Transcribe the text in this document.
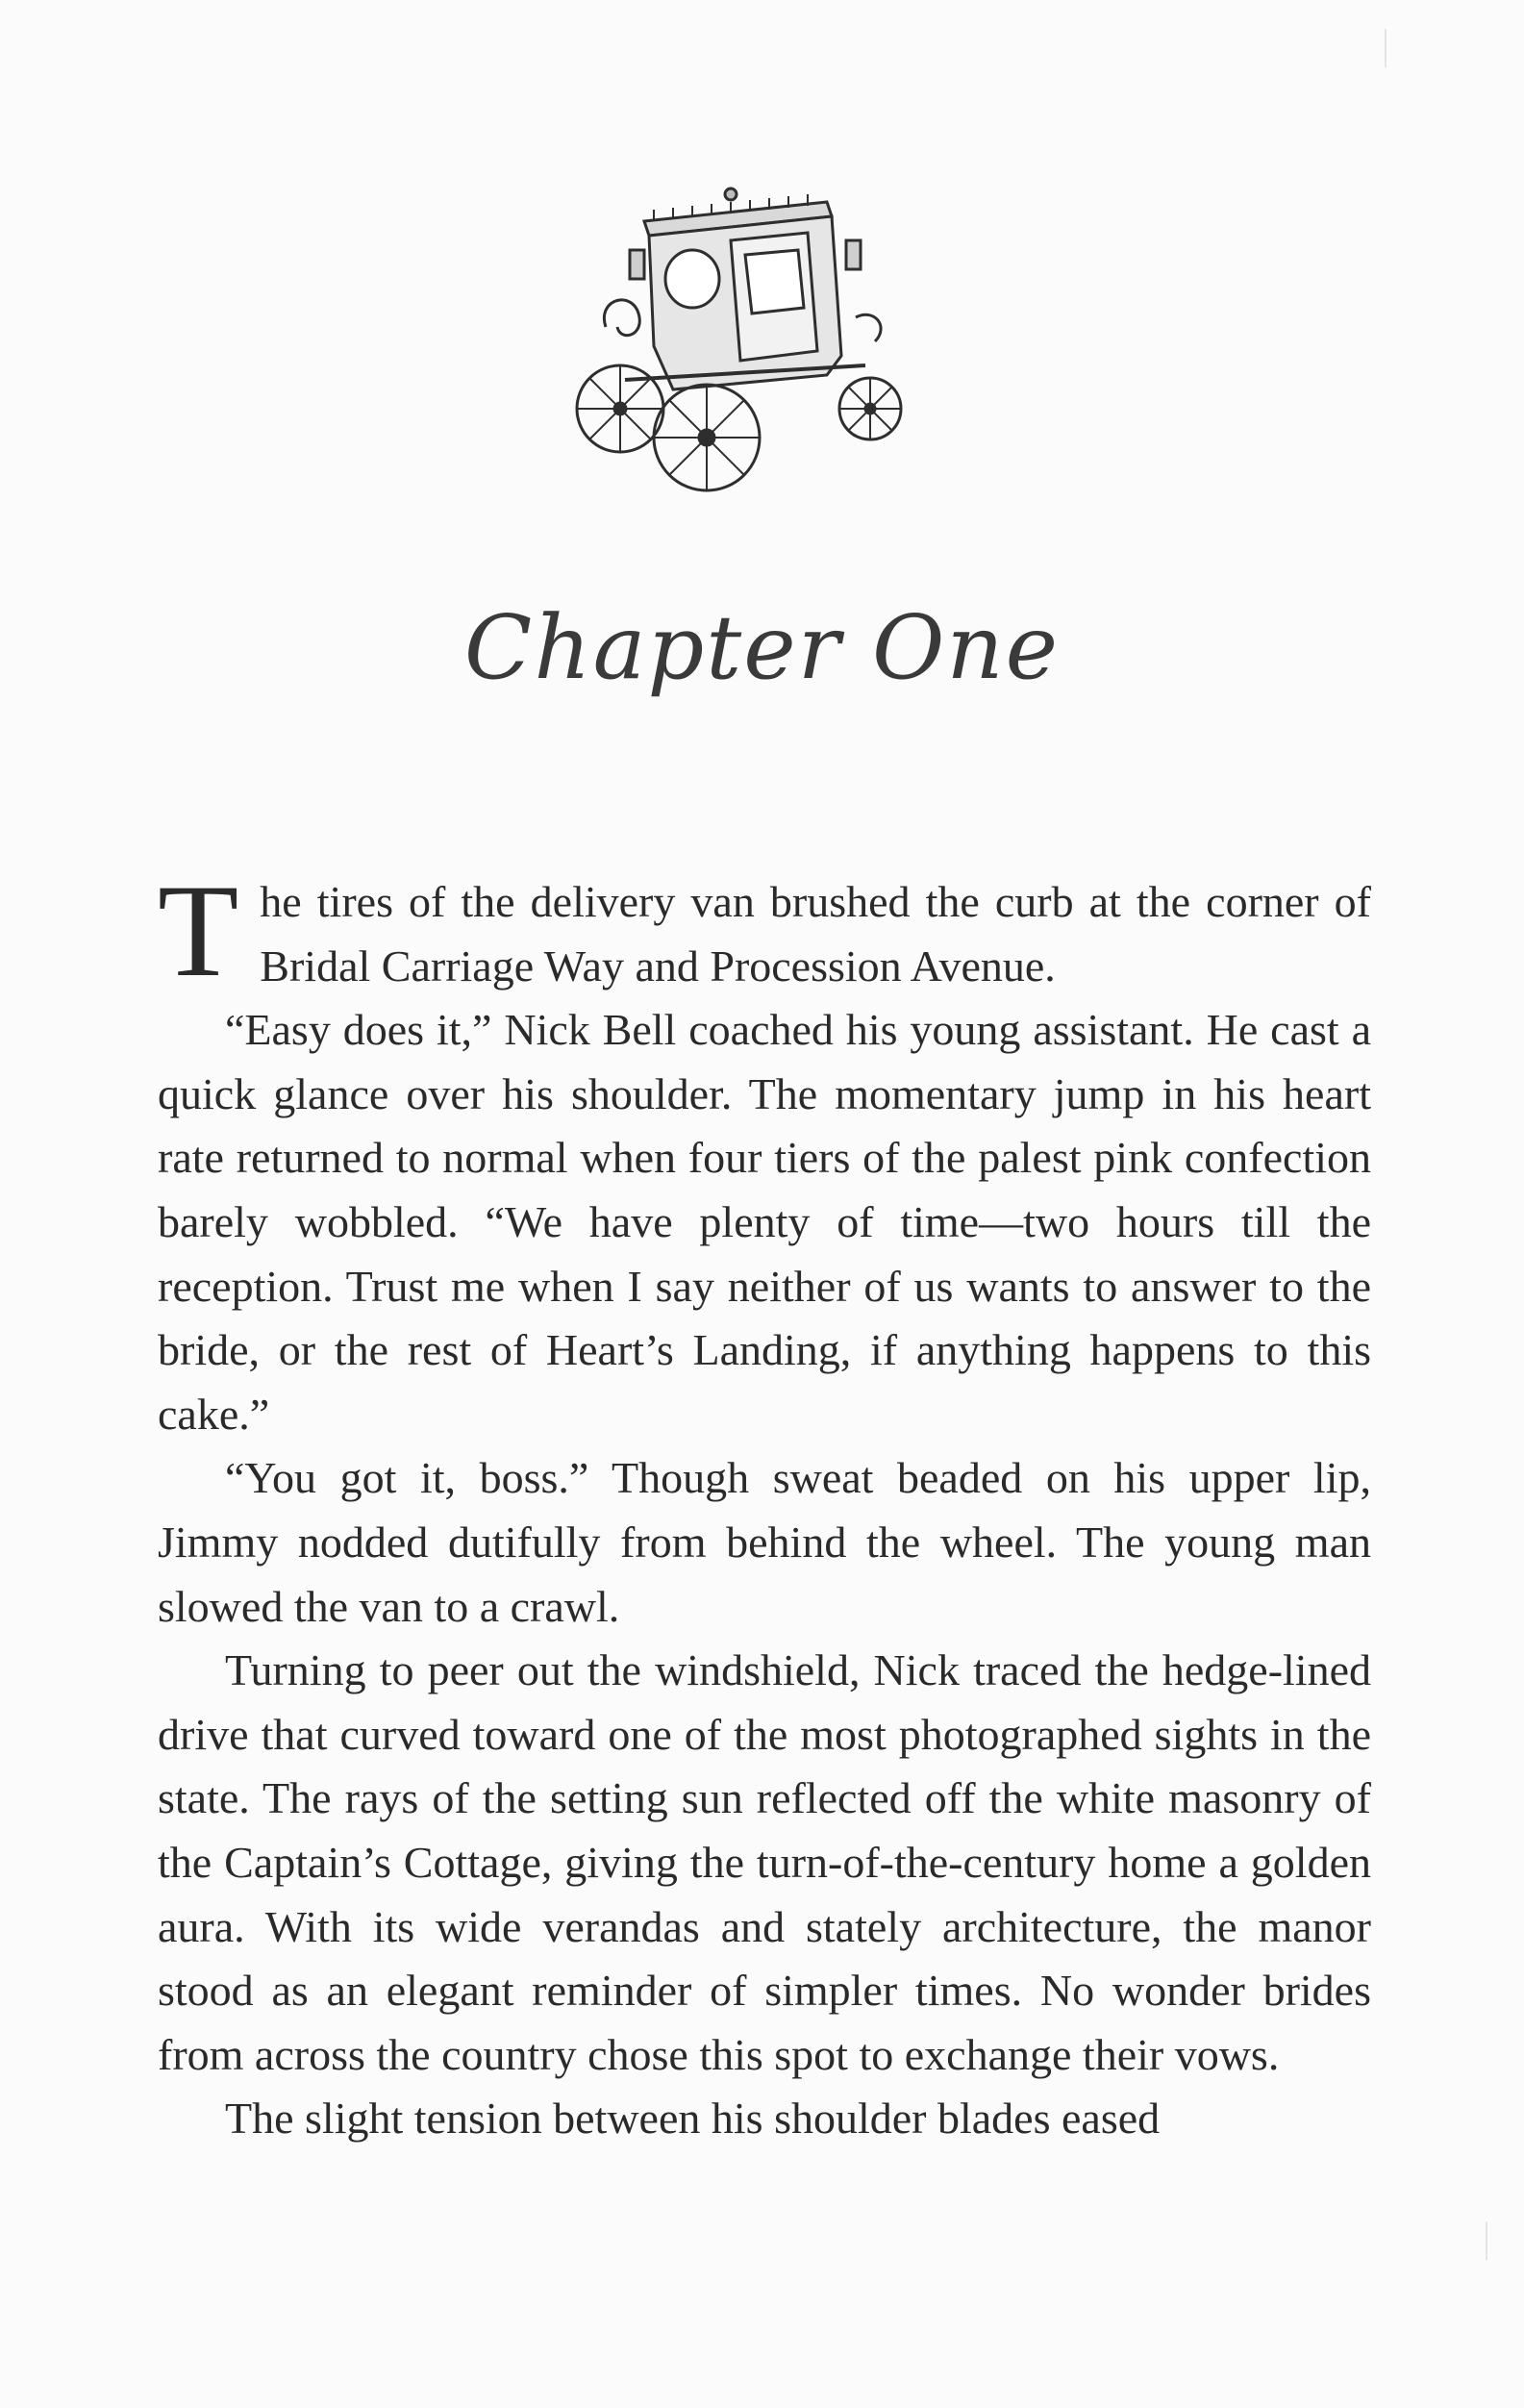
Chapter One

The tires of the delivery van brushed the curb at the corner of Bridal Carriage Way and Procession Avenue.

“Easy does it,” Nick Bell coached his young assistant. He cast a quick glance over his shoulder. The momentary jump in his heart rate returned to normal when four tiers of the palest pink confection barely wobbled. “We have plenty of time—two hours till the reception. Trust me when I say neither of us wants to answer to the bride, or the rest of Heart’s Landing, if anything happens to this cake.”

“You got it, boss.” Though sweat beaded on his upper lip, Jimmy nodded dutifully from behind the wheel. The young man slowed the van to a crawl.

Turning to peer out the windshield, Nick traced the hedge-lined drive that curved toward one of the most photographed sights in the state. The rays of the setting sun reflected off the white masonry of the Captain’s Cottage, giving the turn-of-the-century home a golden aura. With its wide verandas and stately architecture, the manor stood as an elegant reminder of simpler times. No wonder brides from across the country chose this spot to exchange their vows.

The slight tension between his shoulder blades eased
